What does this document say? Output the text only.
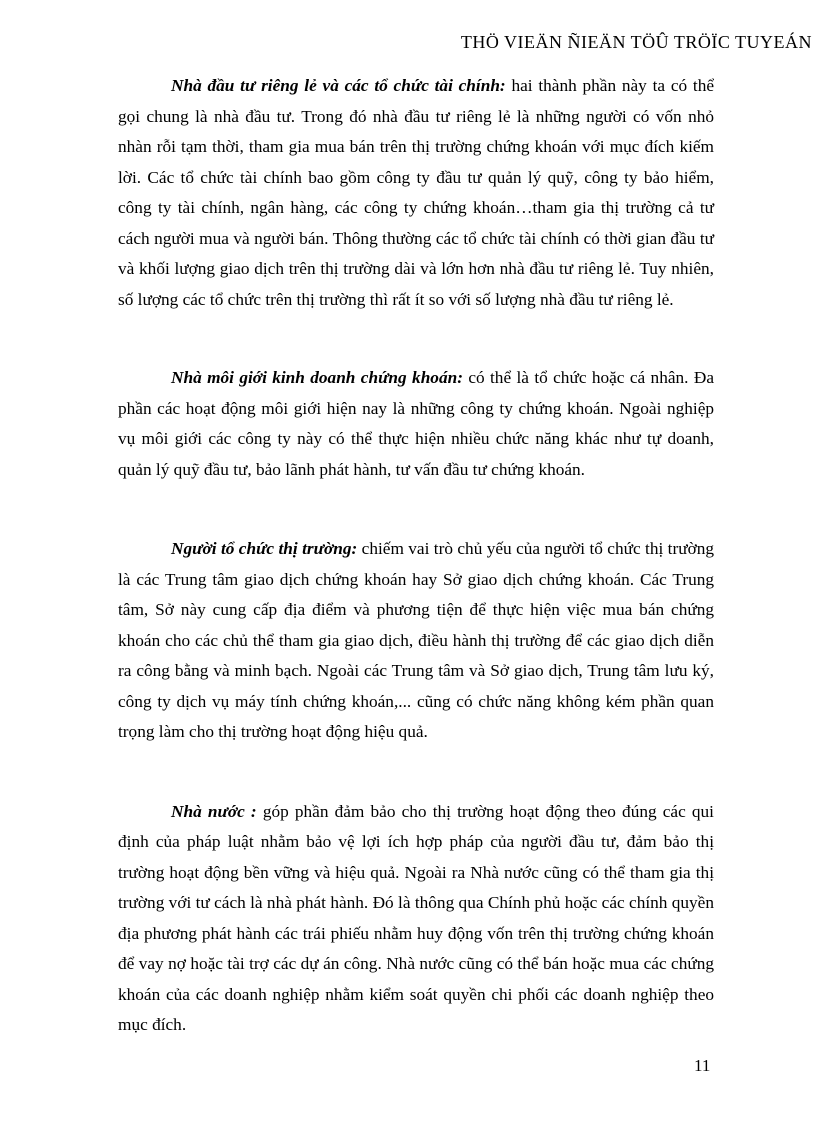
THÖ VIEÄN ÑIEÄN TÖÛ TRÖÏC TUYEÁN

Nhà đầu tư riêng lẻ và các tổ chức tài chính: hai thành phần này ta có thể gọi chung là nhà đầu tư. Trong đó nhà đầu tư riêng lẻ là những người có vốn nhỏ nhàn rỗi tạm thời, tham gia mua bán trên thị trường chứng khoán với mục đích kiếm lời. Các tổ chức tài chính bao gồm công ty đầu tư quản lý quỹ, công ty bảo hiểm, công ty tài chính, ngân hàng, các công ty chứng khoán…tham gia thị trường cả tư cách người mua và người bán. Thông thường các tổ chức tài chính có thời gian đầu tư và khối lượng giao dịch trên thị trường dài và lớn hơn nhà đầu tư riêng lẻ. Tuy nhiên, số lượng các tổ chức trên thị trường thì rất ít so với số lượng nhà đầu tư riêng lẻ.

Nhà môi giới kinh doanh chứng khoán: có thể là tổ chức hoặc cá nhân. Đa phần các hoạt động môi giới hiện nay là những công ty chứng khoán. Ngoài nghiệp vụ môi giới các công ty này có thể thực hiện nhiều chức năng khác như tự doanh, quản lý quỹ đầu tư, bảo lãnh phát hành, tư vấn đầu tư chứng khoán.

Người tổ chức thị trường: chiếm vai trò chủ yếu của người tổ chức thị trường là các Trung tâm giao dịch chứng khoán hay Sở giao dịch chứng khoán. Các Trung tâm, Sở này cung cấp địa điểm và phương tiện để thực hiện việc mua bán chứng khoán cho các chủ thể tham gia giao dịch, điều hành thị trường để các giao dịch diễn ra công bằng và minh bạch. Ngoài các Trung tâm và Sở giao dịch, Trung tâm lưu ký, công ty dịch vụ máy tính chứng khoán,... cũng có chức năng không kém phần quan trọng làm cho thị trường hoạt động hiệu quả.

Nhà nước : góp phần đảm bảo cho thị trường hoạt động theo đúng các qui định của pháp luật nhằm bảo vệ lợi ích hợp pháp của người đầu tư, đảm bảo thị trường hoạt động bền vững và hiệu quả. Ngoài ra Nhà nước cũng có thể tham gia thị trường với tư cách là nhà phát hành. Đó là thông qua Chính phủ hoặc các chính quyền địa phương phát hành các trái phiếu nhằm huy động vốn trên thị trường chứng khoán để vay nợ hoặc tài trợ các dự án công. Nhà nước cũng có thể bán hoặc mua các chứng khoán của các doanh nghiệp nhằm kiểm soát quyền chi phối các doanh nghiệp theo mục đích.

11
